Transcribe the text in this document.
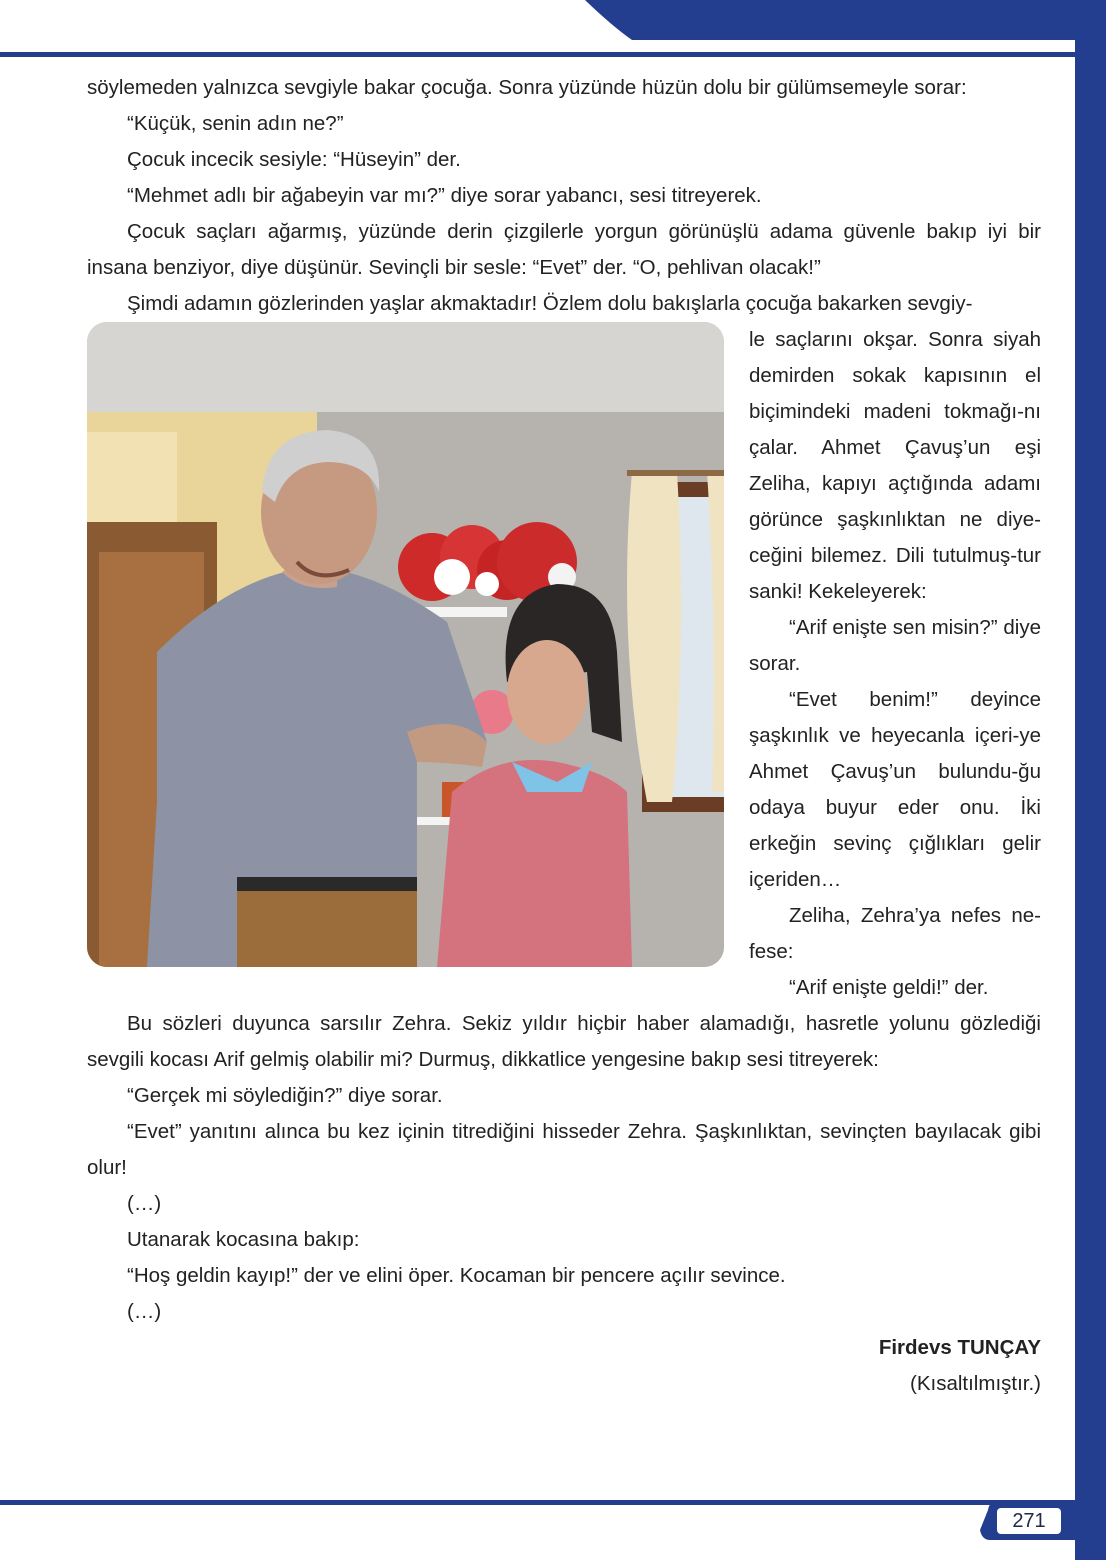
söylemeden yalnızca sevgiyle bakar çocuğa. Sonra yüzünde hüzün dolu bir gülümsemeyle sorar:

“Küçük, senin adın ne?”

Çocuk incecik sesiyle: “Hüseyin” der.

“Mehmet adlı bir ağabeyin var mı?” diye sorar yabancı, sesi titreyerek.

Çocuk saçları ağarmış, yüzünde derin çizgilerle yorgun görünüşlü adama güvenle bakıp iyi bir insana benziyor, diye düşünür. Sevinçli bir sesle: “Evet” der. “O, pehlivan olacak!”

Şimdi adamın gözlerinden yaşlar akmaktadır! Özlem dolu bakışlarla çocuğa bakarken sevgiy-

le saçlarını okşar. Sonra siyah demirden sokak kapısının el biçimindeki madeni tokmağı-nı çalar. Ahmet Çavuş’un eşi Zeliha, kapıyı açtığında adamı görünce şaşkınlıktan ne diye-ceğini bilemez. Dili tutulmuş-tur sanki! Kekeleyerek:

“Arif enişte sen misin?” diye sorar.

“Evet benim!” deyince şaşkınlık ve heyecanla içeri-ye Ahmet Çavuş’un bulundu-ğu odaya buyur eder onu. İki erkeğin sevinç çığlıkları gelir içeriden…

Zeliha, Zehra’ya nefes ne-fese:

“Arif enişte geldi!” der.

Bu sözleri duyunca sarsılır Zehra. Sekiz yıldır hiçbir haber alamadığı, hasretle yolunu gözlediği sevgili kocası Arif gelmiş olabilir mi? Durmuş, dikkatlice yengesine bakıp sesi titreyerek:

“Gerçek mi söylediğin?” diye sorar.

“Evet” yanıtını alınca bu kez içinin titrediğini hisseder Zehra. Şaşkınlıktan, sevinçten bayılacak gibi olur!

(…)

Utanarak kocasına bakıp:

“Hoş geldin kayıp!” der ve elini öper. Kocaman bir pencere açılır sevince.

(…)

Firdevs TUNÇAY

(Kısaltılmıştır.)

271
